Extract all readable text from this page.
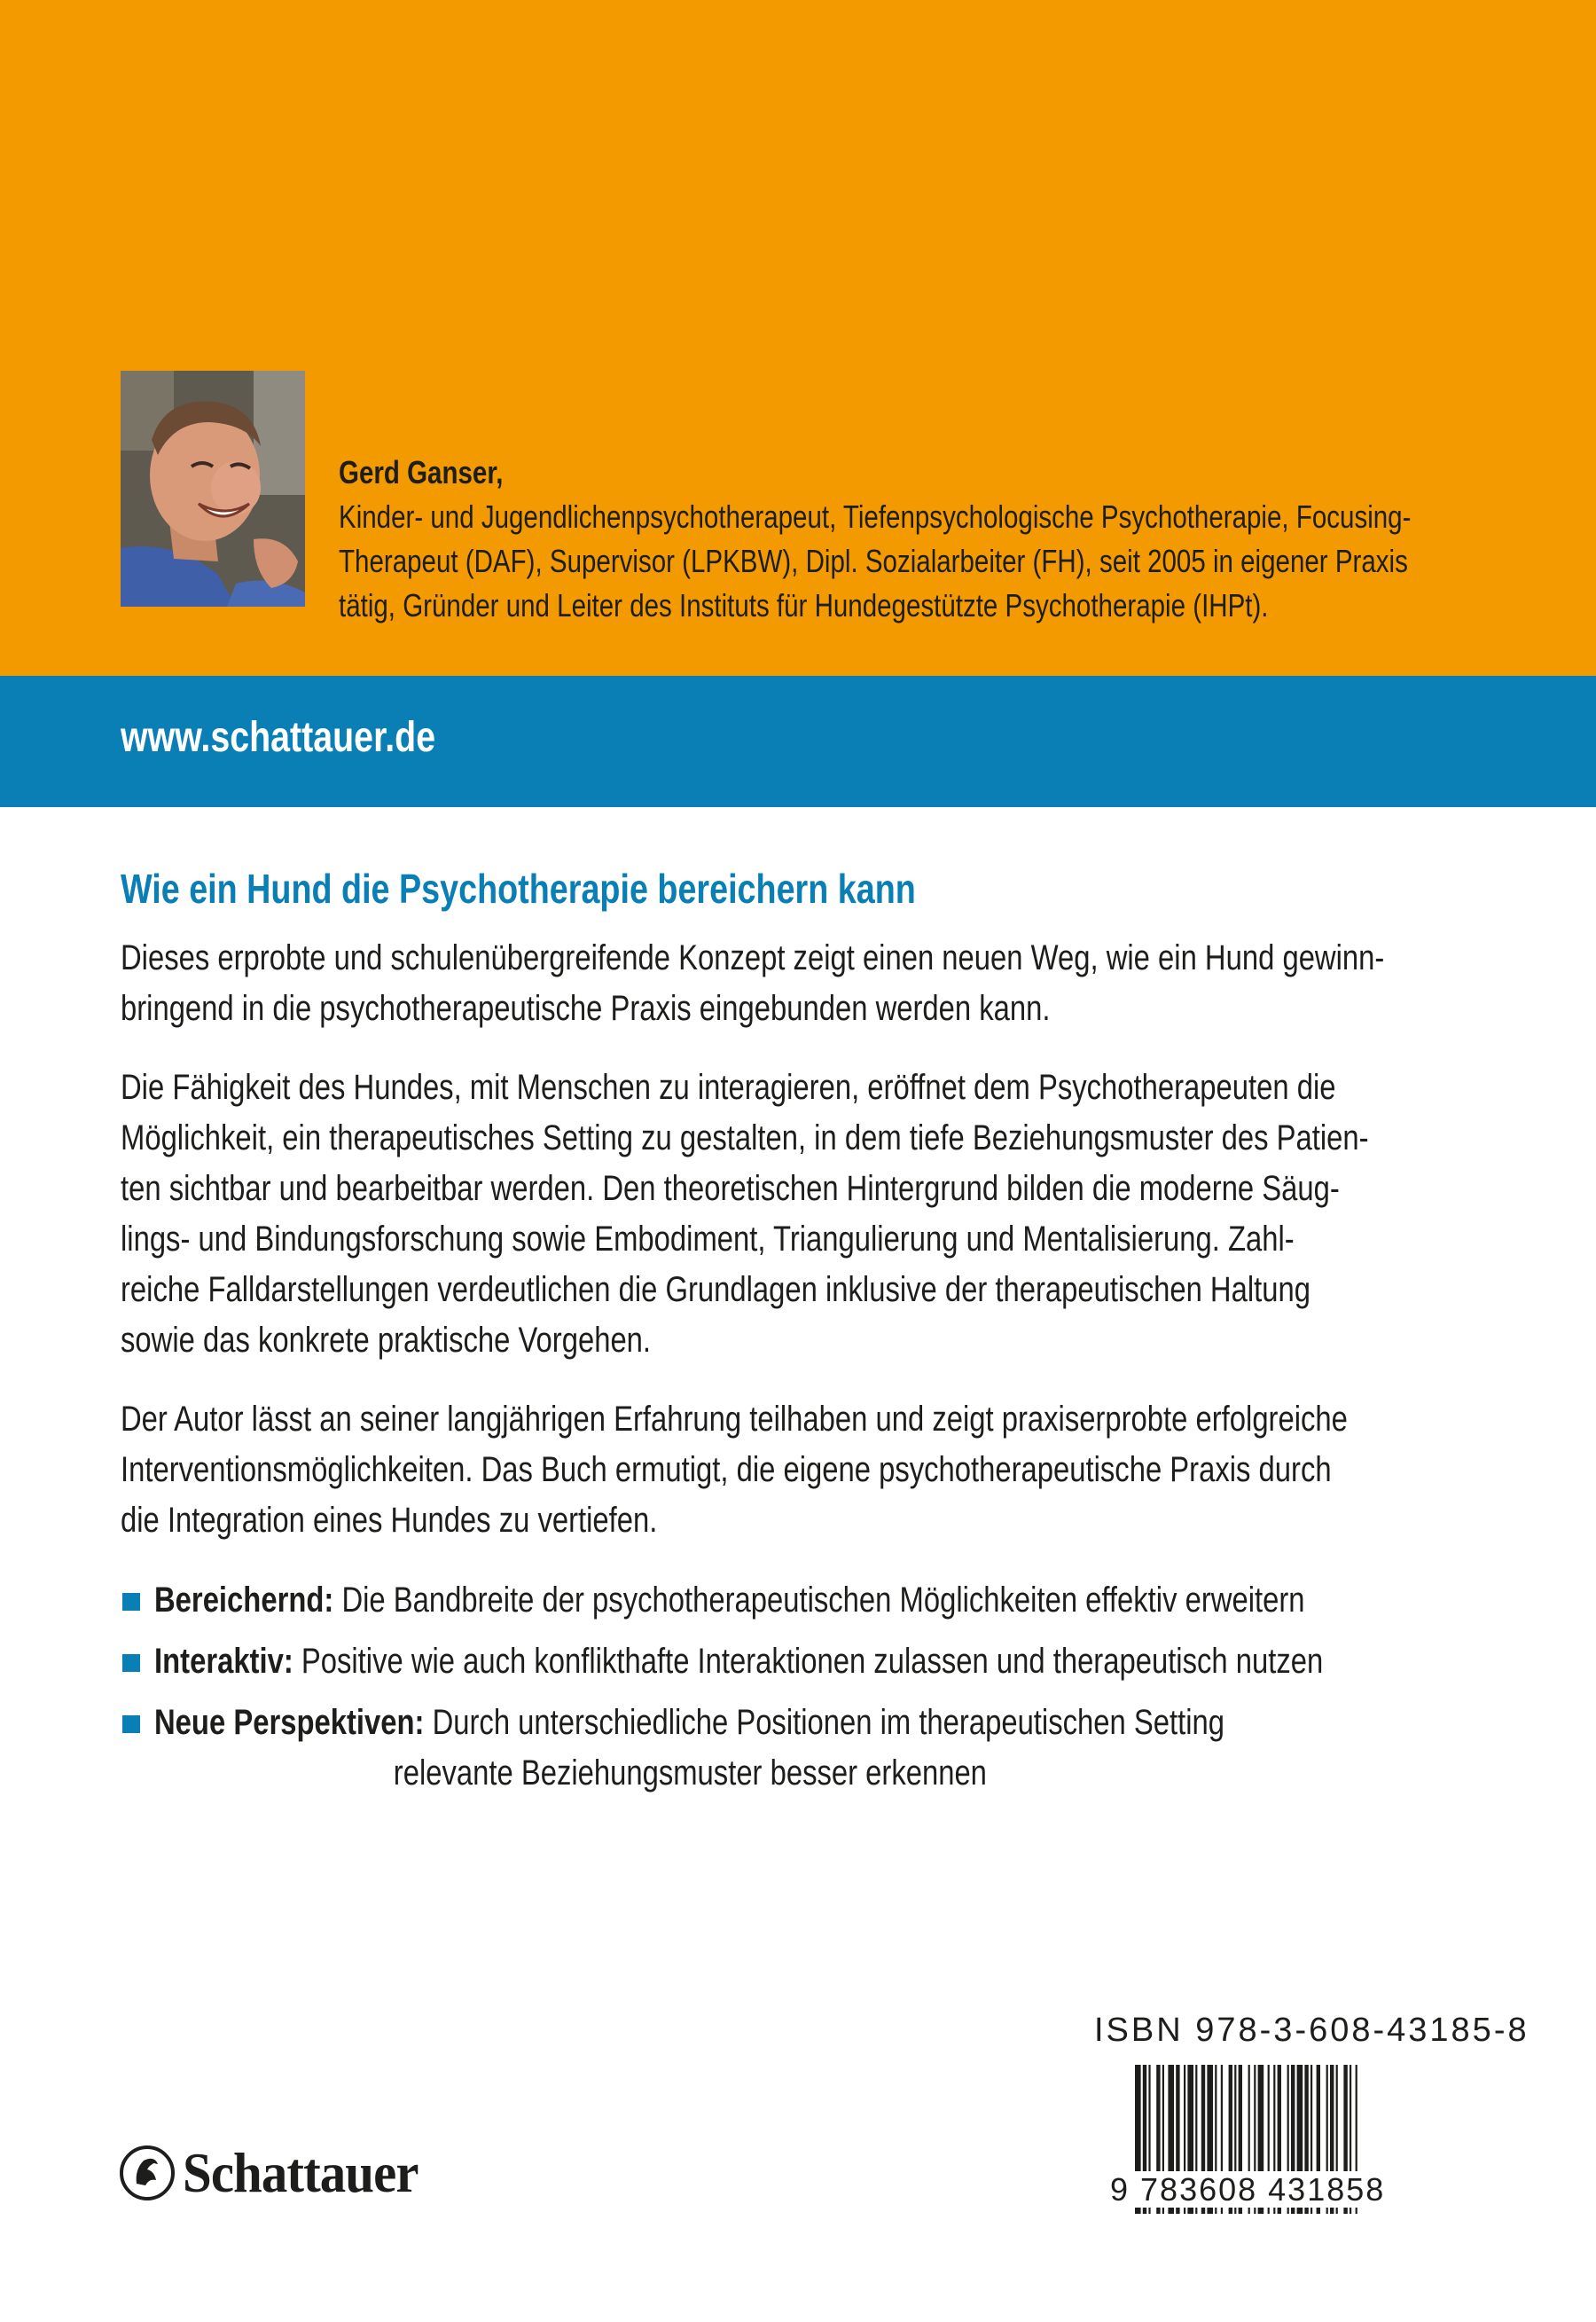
Gerd Ganser,
Kinder- und Jugendlichenpsychotherapeut, Tiefenpsychologische Psychotherapie, Focusing-
Therapeut (DAF), Supervisor (LPKBW), Dipl. Sozialarbeiter (FH), seit 2005 in eigener Praxis
tätig, Gründer und Leiter des Instituts für Hundegestützte Psychotherapie (IHPt).
www.schattauer.de
Wie ein Hund die Psychotherapie bereichern kann
Dieses erprobte und schulenübergreifende Konzept zeigt einen neuen Weg, wie ein Hund gewinn-
bringend in die psychotherapeutische Praxis eingebunden werden kann.
Die Fähigkeit des Hundes, mit Menschen zu interagieren, eröffnet dem Psychotherapeuten die
Möglichkeit, ein therapeutisches Setting zu gestalten, in dem tiefe Beziehungsmuster des Patien-
ten sichtbar und bearbeitbar werden. Den theoretischen Hintergrund bilden die moderne Säug-
lings- und Bindungsforschung sowie Embodiment, Triangulierung und Mentalisierung. Zahl-
reiche Falldarstellungen verdeutlichen die Grundlagen inklusive der therapeutischen Haltung
sowie das konkrete praktische Vorgehen.
Der Autor lässt an seiner langjährigen Erfahrung teilhaben und zeigt praxiserprobte erfolgreiche
Interventionsmöglichkeiten. Das Buch ermutigt, die eigene psychotherapeutische Praxis durch
die Integration eines Hundes zu vertiefen.
Bereichernd: Die Bandbreite der psychotherapeutischen Möglichkeiten effektiv erweitern
Interaktiv: Positive wie auch konflikthafte Interaktionen zulassen und therapeutisch nutzen
Neue Perspektiven: Durch unterschiedliche Positionen im therapeutischen Setting
relevante Beziehungsmuster besser erkennen
Schattauer
ISBN 978-3-608-43185-8
9 783608 431858
